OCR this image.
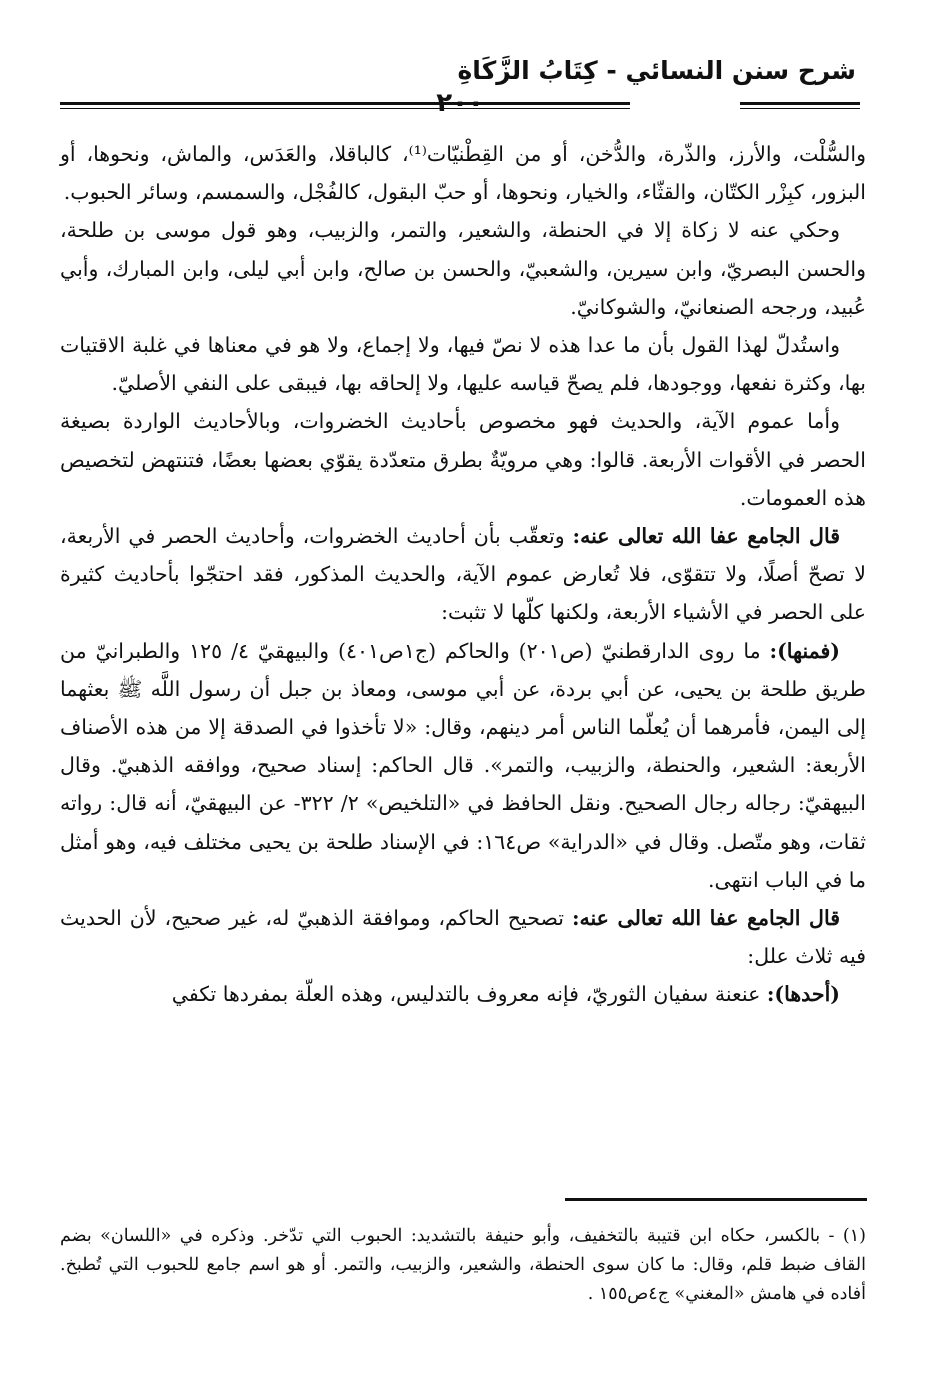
شرح سنن النسائي - كِتَابُ الزَّكَاةِ
٢٠٠

والسُّلْت، والأرز، والذّرة، والدُّخن، أو من القِطْنيّات⁽¹⁾، كالباقلا، والعَدَس، والماش، ونحوها، أو البزور، كبِزْر الكتّان، والقثّاء، والخيار، ونحوها، أو حبّ البقول، كالفُجْل، والسمسم، وسائر الحبوب.

وحكي عنه لا زكاة إلا في الحنطة، والشعير، والتمر، والزبيب، وهو قول موسى بن طلحة، والحسن البصريّ، وابن سيرين، والشعبيّ، والحسن بن صالح، وابن أبي ليلى، وابن المبارك، وأبي عُبيد، ورجحه الصنعانيّ، والشوكانيّ.

واستُدلّ لهذا القول بأن ما عدا هذه لا نصّ فيها، ولا إجماع، ولا هو في معناها في غلبة الاقتيات بها، وكثرة نفعها، ووجودها، فلم يصحّ قياسه عليها، ولا إلحاقه بها، فيبقى على النفي الأصليّ.

وأما عموم الآية، والحديث فهو مخصوص بأحاديث الخضروات، وبالأحاديث الواردة بصيغة الحصر في الأقوات الأربعة. قالوا: وهي مرويّةٌ بطرق متعدّدة يقوّي بعضها بعضًا، فتنتهض لتخصيص هذه العمومات.

قال الجامع عفا الله تعالى عنه: وتعقّب بأن أحاديث الخضروات، وأحاديث الحصر في الأربعة، لا تصحّ أصلًا، ولا تتقوّى، فلا تُعارض عموم الآية، والحديث المذكور، فقد احتجّوا بأحاديث كثيرة على الحصر في الأشياء الأربعة، ولكنها كلّها لا تثبت:

(فمنها): ما روى الدارقطنيّ (ص٢٠١) والحاكم (ج١ص٤٠١) والبيهقيّ ٤/ ١٢٥ والطبرانيّ من طريق طلحة بن يحيى، عن أبي بردة، عن أبي موسى، ومعاذ بن جبل أن رسول اللَّه ﷺ بعثهما إلى اليمن، فأمرهما أن يُعلّما الناس أمر دينهم، وقال: «لا تأخذوا في الصدقة إلا من هذه الأصناف الأربعة: الشعير، والحنطة، والزبيب، والتمر». قال الحاكم: إسناد صحيح، ووافقه الذهبيّ. وقال البيهقيّ: رجاله رجال الصحيح. ونقل الحافظ في «التلخيص» ٢/ ٣٢٢- عن البيهقيّ، أنه قال: رواته ثقات، وهو متّصل. وقال في «الدراية» ص١٦٤: في الإسناد طلحة بن يحيى مختلف فيه، وهو أمثل ما في الباب انتهى.

قال الجامع عفا الله تعالى عنه: تصحيح الحاكم، وموافقة الذهبيّ له، غير صحيح، لأن الحديث فيه ثلاث علل:

(أحدها): عنعنة سفيان الثوريّ، فإنه معروف بالتدليس، وهذه العلّة بمفردها تكفي

(١) - بالكسر، حكاه ابن قتيبة بالتخفيف، وأبو حنيفة بالتشديد: الحبوب التي تدّخر. وذكره في «اللسان» بضم القاف ضبط قلم، وقال: ما كان سوى الحنطة، والشعير، والزبيب، والتمر. أو هو اسم جامع للحبوب التي تُطبخ. أفاده في هامش «المغني» ج٤ص١٥٥ .
